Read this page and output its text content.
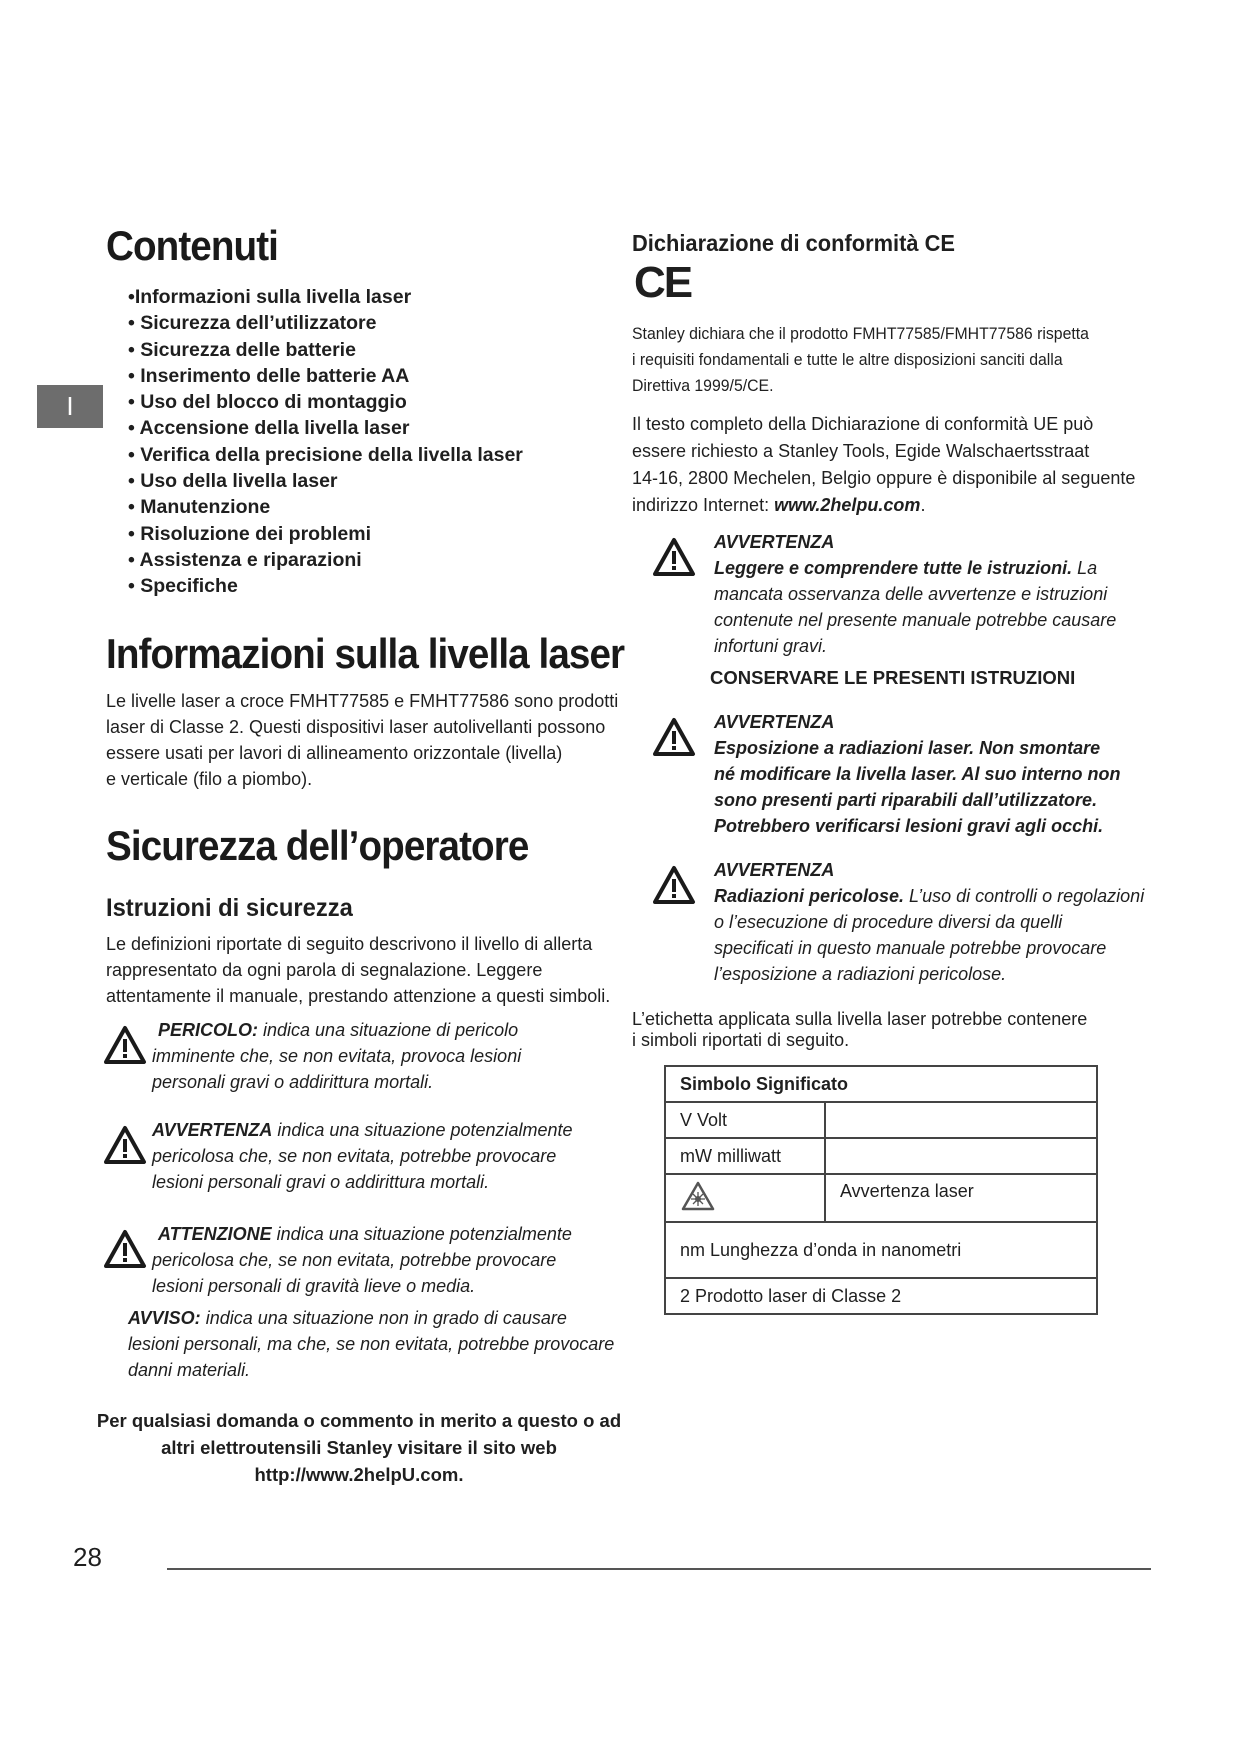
I
Contenuti
•Informazioni sulla livella laser
• Sicurezza dell’utilizzatore
• Sicurezza delle batterie
• Inserimento delle batterie AA
• Uso del blocco di montaggio
• Accensione della livella laser
• Verifica della precisione della livella laser
• Uso della livella laser
• Manutenzione
• Risoluzione dei problemi
• Assistenza e riparazioni
• Specifiche
Informazioni sulla livella laser
Le livelle laser a croce FMHT77585 e FMHT77586 sono prodotti
laser di Classe 2. Questi dispositivi laser autolivellanti possono
essere usati per lavori di allineamento orizzontale (livella)
e verticale (filo a piombo).
Sicurezza dell’operatore
Istruzioni di sicurezza
Le definizioni riportate di seguito descrivono il livello di allerta
rappresentato da ogni parola di segnalazione. Leggere
attentamente il manuale, prestando attenzione a questi simboli.
PERICOLO: indica una situazione di pericolo
imminente che, se non evitata, provoca lesioni
personali gravi o addirittura mortali.
AVVERTENZA indica una situazione potenzialmente
pericolosa che, se non evitata, potrebbe provocare
lesioni personali gravi o addirittura mortali.
ATTENZIONE indica una situazione potenzialmente
pericolosa che, se non evitata, potrebbe provocare
lesioni personali di gravità lieve o media.
AVVISO: indica una situazione non in grado di causare
lesioni personali, ma che, se non evitata, potrebbe provocare
danni materiali.
Per qualsiasi domanda o commento in merito a questo o ad
altri elettroutensili Stanley visitare il sito web
http://www.2helpU.com.
Dichiarazione di conformità CE
CE
Stanley dichiara che il prodotto FMHT77585/FMHT77586 rispetta
i requisiti fondamentali e tutte le altre disposizioni sanciti dalla
Direttiva 1999/5/CE.
Il testo completo della Dichiarazione di conformità UE può
essere richiesto a Stanley Tools, Egide Walschaertsstraat
14-16, 2800 Mechelen, Belgio oppure è disponibile al seguente
indirizzo Internet: www.2helpu.com.
AVVERTENZA
Leggere e comprendere tutte le istruzioni. La
mancata osservanza delle avvertenze e istruzioni
contenute nel presente manuale potrebbe causare
infortuni gravi.
CONSERVARE LE PRESENTI ISTRUZIONI
AVVERTENZA
Esposizione a radiazioni laser. Non smontare
né modificare la livella laser. Al suo interno non
sono presenti parti riparabili dall’utilizzatore.
Potrebbero verificarsi lesioni gravi agli occhi.
AVVERTENZA
Radiazioni pericolose. L’uso di controlli o regolazioni
o l’esecuzione di procedure diversi da quelli
specificati in questo manuale potrebbe provocare
l’esposizione a radiazioni pericolose.
L’etichetta applicata sulla livella laser potrebbe contenere
i simboli riportati di seguito.
Simbolo Significato	
V Volt	
mW milliwatt	
	Avvertenza laser

nm Lunghezza d’onda in nanometri	

2 Prodotto laser di Classe 2	
28
